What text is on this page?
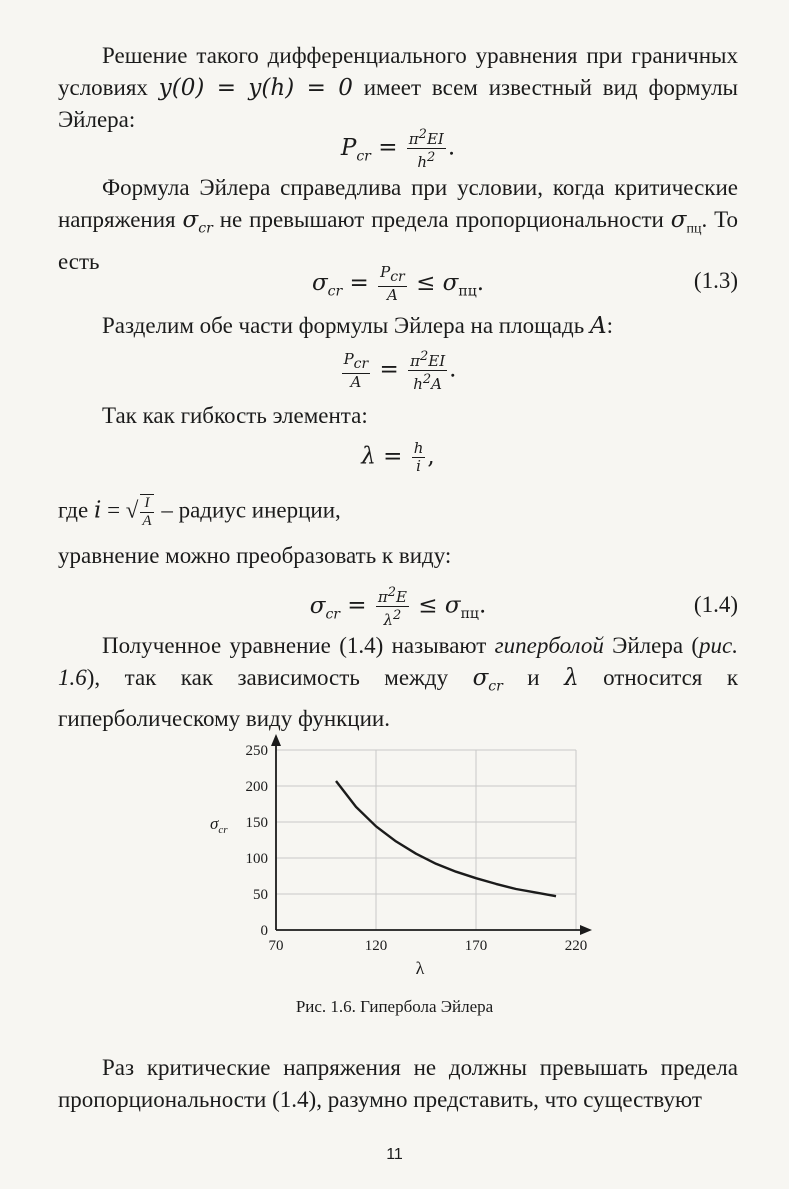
Решение такого дифференциального уравнения при граничных условиях y(0) = y(h) = 0 имеет всем известный вид формулы Эйлера:

$P_{cr} = \frac{\pi^2EI}{h^2}$ .

Формула Эйлера справедлива при условии, когда критические напряжения $\sigma_{cr}$ не превышают предела пропорциональности $\sigma_{пц}$. То есть

$\sigma_{cr} = \frac{P_{cr}}{A} \le \sigma_{пц}$.	(1.3)

Разделим обе части формулы Эйлера на площадь A:

$\frac{P_{cr}}{A} = \frac{\pi^2EI}{h^2A}$ .

Так как гибкость элемента:

$\lambda = \frac{h}{i}$ ,

где i = √ $\frac{I}{A}$ – радиус инерции,

уравнение можно преобразовать к виду:

$\sigma_{cr} = \frac{\pi^2E}{\lambda^2} \le \sigma_{пц}$.	(1.4)

Полученное уравнение (1.4) называют гиперболой Эйлера (рис. 1.6), так как зависимость между $\sigma_{cr}$ и λ относится к гиперболическому виду функции.

70	120	170	220
0
50
100
150
200
250
λ
$\sigma_{cr}$
Рис. 1.6. Гипербола Эйлера

Раз критические напряжения не должны превышать предела пропорциональности (1.4), разумно представить, что существуют

11
